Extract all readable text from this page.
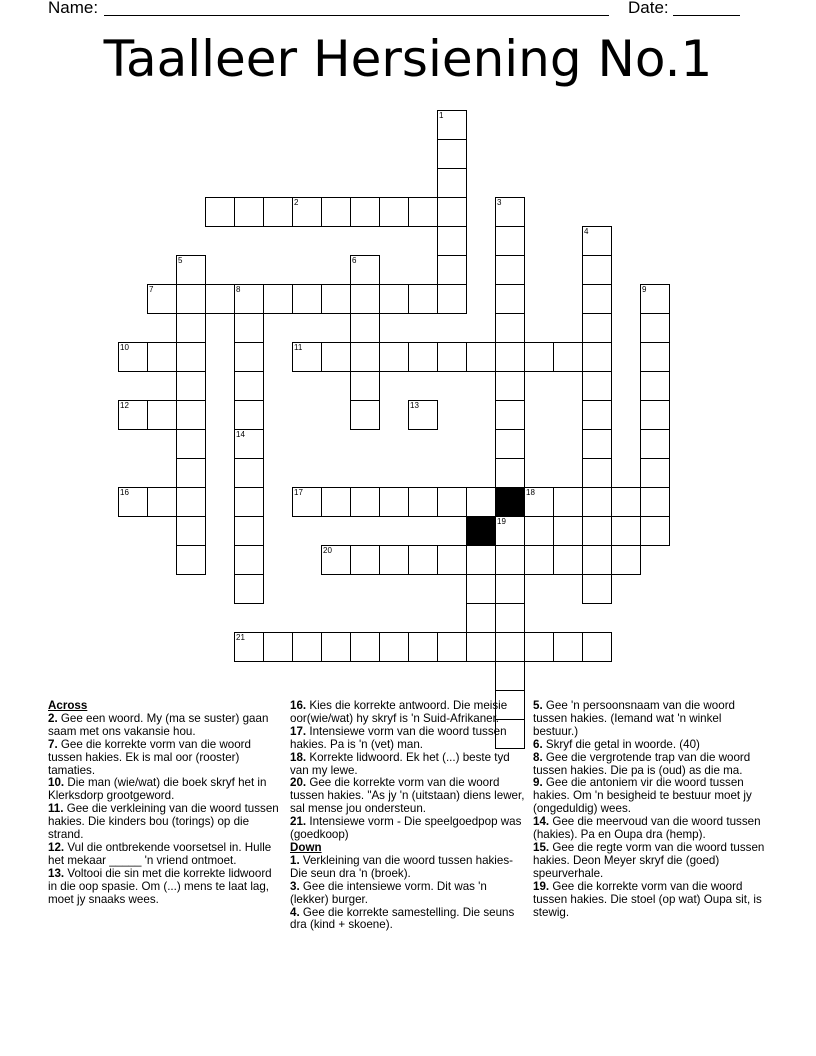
Name:	Date:
Taalleer Hersiening No.1
1
2	3
19
4
5	6
7	8	9
14
10	11
12	13
16	17	18
20
21
Across
2. Gee een woord. My (ma se suster) gaan saam met ons vakansie hou.
7. Gee die korrekte vorm van die woord tussen hakies. Ek is mal oor (rooster) tamaties.
10. Die man (wie/wat) die boek skryf het in Klerksdorp grootgeword.
11. Gee die verkleining van die woord tussen hakies. Die kinders bou (torings) op die strand.
12. Vul die ontbrekende voorsetsel in. Hulle het mekaar _____ 'n vriend ontmoet.
13. Voltooi die sin met die korrekte lidwoord in die oop spasie. Om (...) mens te laat lag, moet jy snaaks wees.
16. Kies die korrekte antwoord. Die meisie oor(wie/wat) hy skryf is 'n Suid-Afrikaner.
17. Intensiewe vorm van die woord tussen hakies. Pa is 'n (vet) man.
18. Korrekte lidwoord. Ek het (...) beste tyd van my lewe.
20. Gee die korrekte vorm van die woord tussen hakies. "As jy 'n (uitstaan) diens lewer, sal mense jou ondersteun.
21. Intensiewe vorm - Die speelgoedpop was (goedkoop)
Down
1. Verkleining van die woord tussen hakies- Die seun dra 'n (broek).
3. Gee die intensiewe vorm. Dit was 'n (lekker) burger.
4. Gee die korrekte samestelling. Die seuns dra (kind + skoene).
5. Gee 'n persoonsnaam van die woord tussen hakies. (Iemand wat 'n winkel bestuur.)
6. Skryf die getal in woorde. (40)
8. Gee die vergrotende trap van die woord tussen hakies. Die pa is (oud) as die ma.
9. Gee die antoniem vir die woord tussen hakies. Om 'n besigheid te bestuur moet jy (ongeduldig) wees.
14. Gee die meervoud van die woord tussen (hakies). Pa en Oupa dra (hemp).
15. Gee die regte vorm van die woord tussen hakies. Deon Meyer skryf die (goed) speurverhale.
19. Gee die korrekte vorm van die woord tussen hakies. Die stoel (op wat) Oupa sit, is stewig.
